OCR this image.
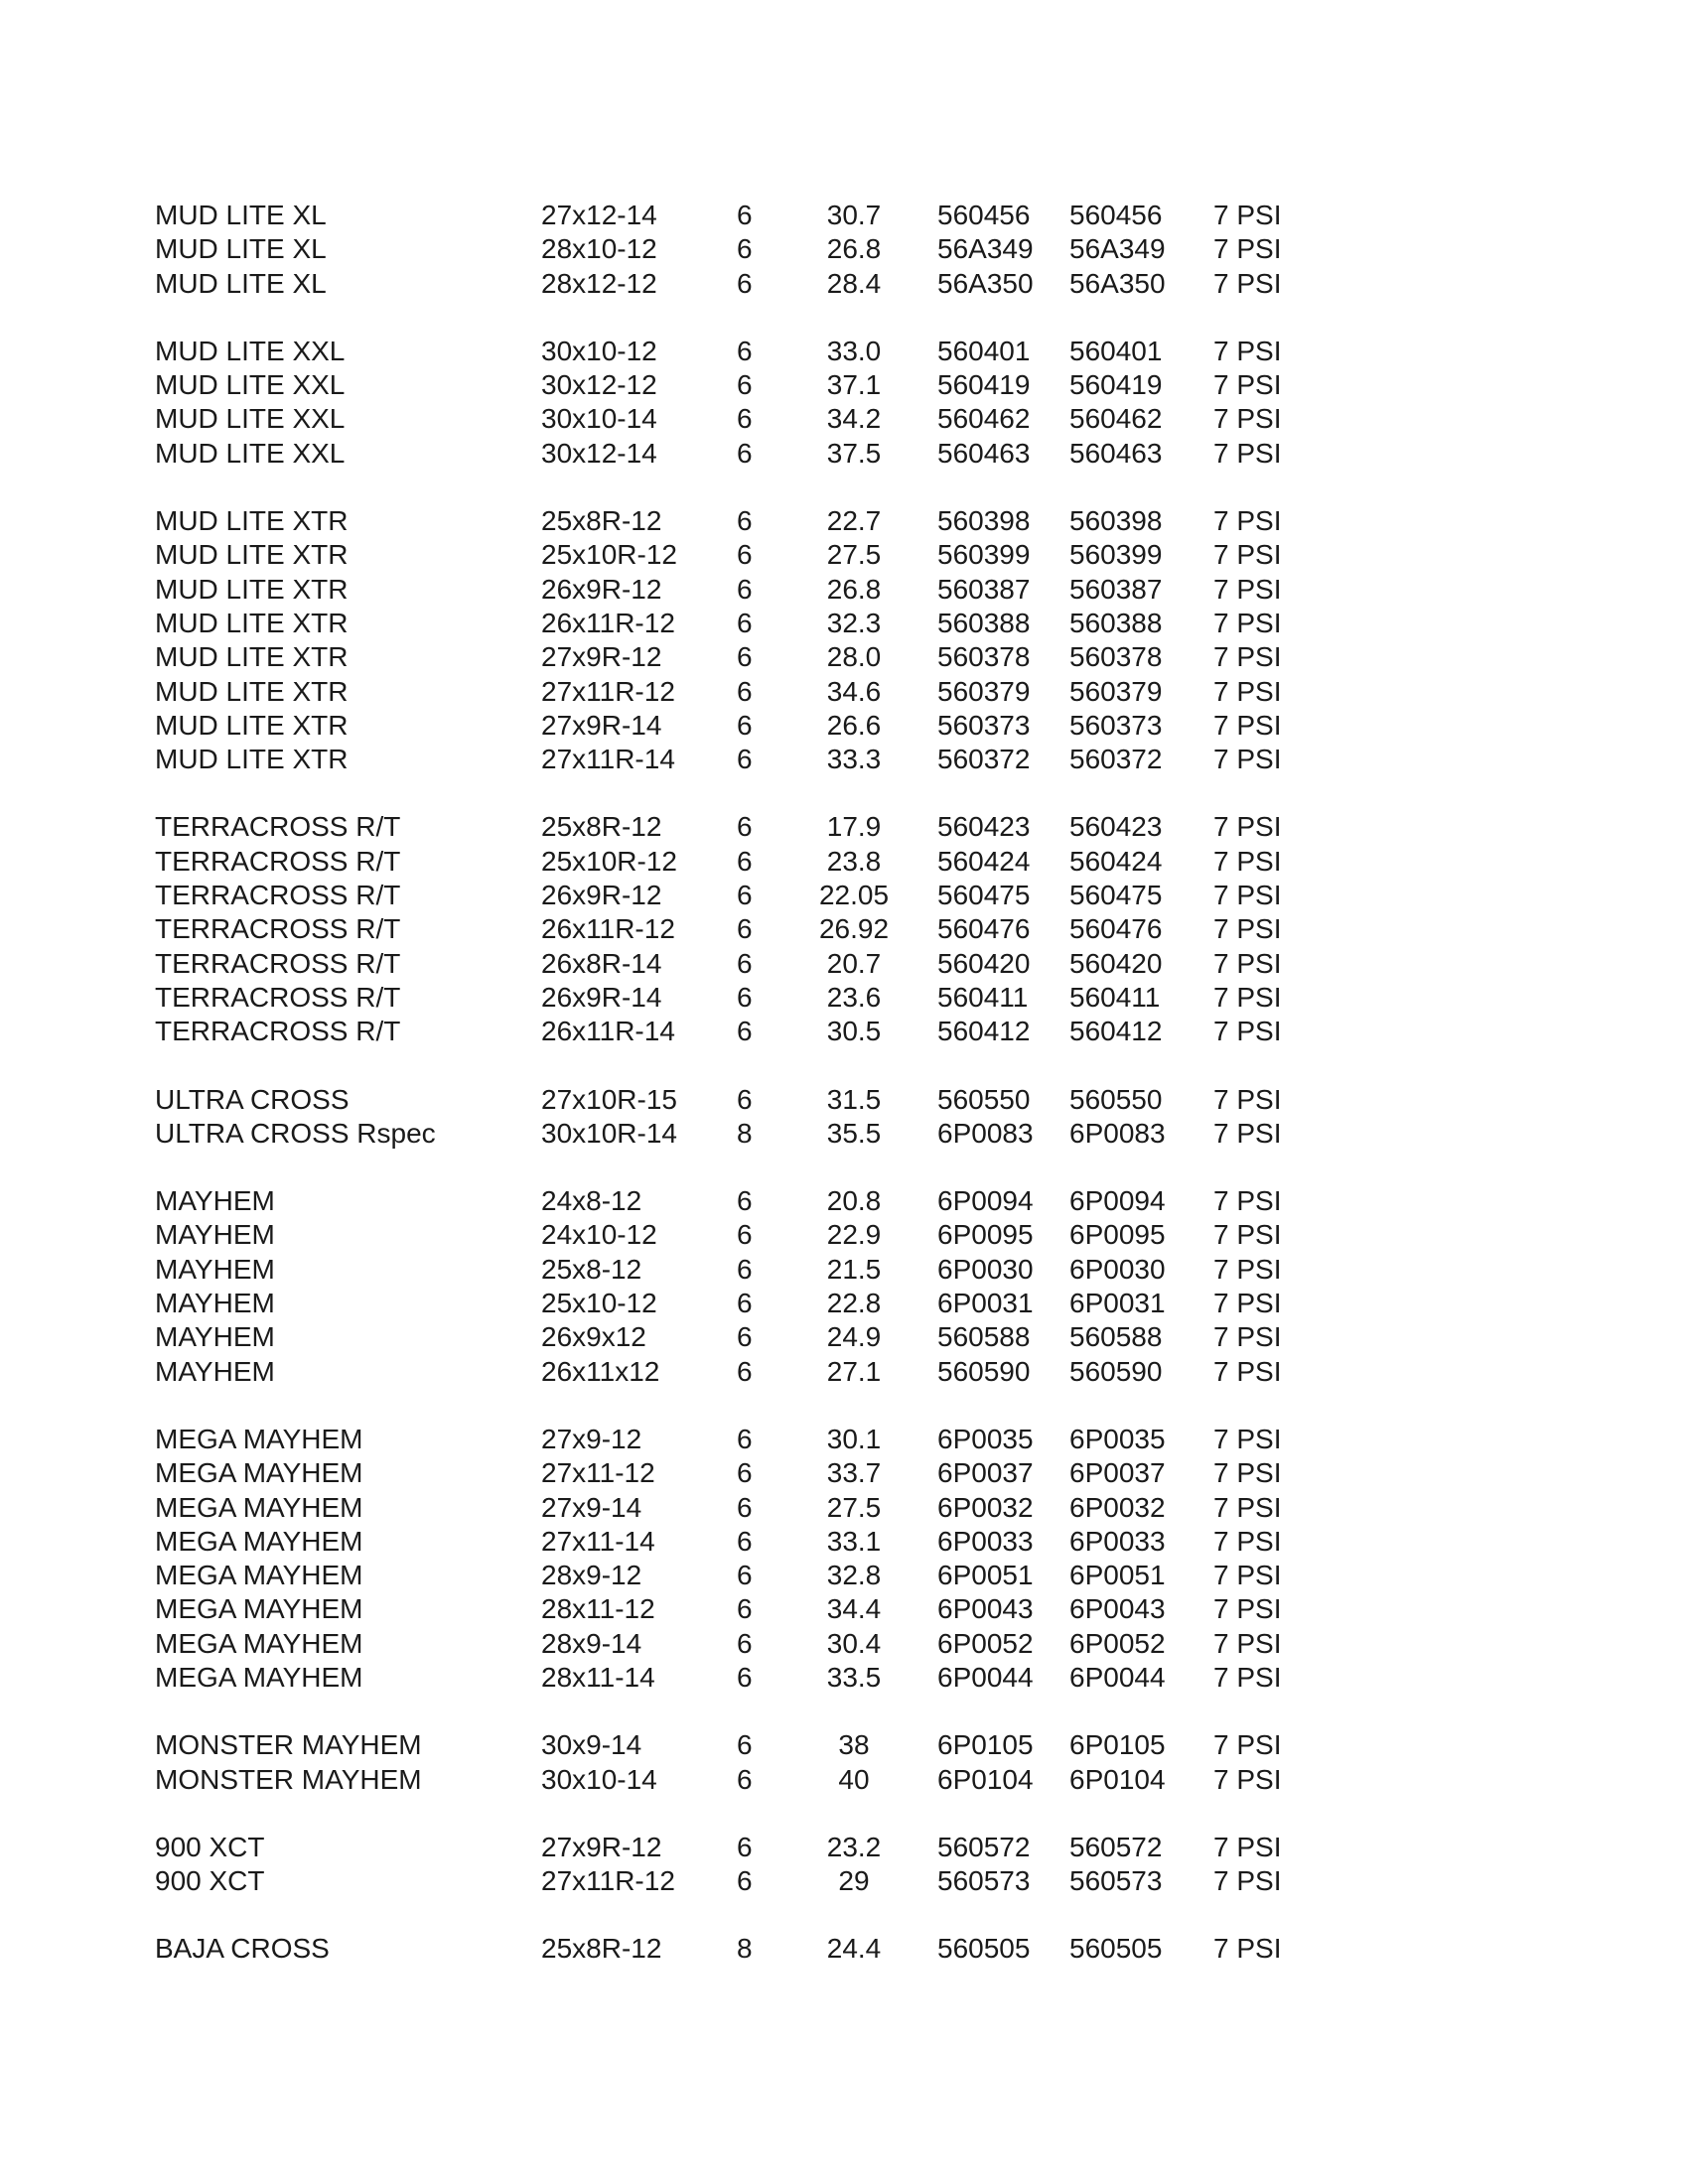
MUD LITE XL	27x12-14	6	30.7	560456 560456 7 PSI
MUD LITE XL	28x10-12	6	26.8	56A349 56A349 7 PSI
MUD LITE XL	28x12-12	6	28.4	56A350 56A350 7 PSI
MUD LITE XXL	30x10-12	6	33.0	560401 560401 7 PSI
MUD LITE XXL	30x12-12	6	37.1	560419 560419 7 PSI
MUD LITE XXL	30x10-14	6	34.2	560462 560462 7 PSI
MUD LITE XXL	30x12-14	6	37.5	560463 560463 7 PSI
MUD LITE XTR	25x8R-12	6	22.7	560398 560398 7 PSI
MUD LITE XTR	25x10R-12 6	27.5	560399 560399 7 PSI
MUD LITE XTR	26x9R-12	6	26.8	560387 560387 7 PSI
MUD LITE XTR	26x11R-12 6	32.3	560388 560388 7 PSI
MUD LITE XTR	27x9R-12	6	28.0	560378 560378 7 PSI
MUD LITE XTR	27x11R-12 6	34.6	560379 560379 7 PSI
MUD LITE XTR	27x9R-14	6	26.6	560373 560373 7 PSI
MUD LITE XTR	27x11R-14 6	33.3	560372 560372 7 PSI
TERRACROSS R/T	25x8R-12	6	17.9	560423 560423 7 PSI
TERRACROSS R/T	25x10R-12 6	23.8	560424 560424 7 PSI
TERRACROSS R/T	26x9R-12	6	22.05	560475 560475 7 PSI
TERRACROSS R/T	26x11R-12 6	26.92	560476 560476 7 PSI
TERRACROSS R/T	26x8R-14	6	20.7	560420 560420 7 PSI
TERRACROSS R/T	26x9R-14	6	23.6	560411 560411 7 PSI
TERRACROSS R/T	26x11R-14 6	30.5	560412 560412 7 PSI
ULTRA CROSS	27x10R-15 6	31.5	560550 560550 7 PSI
ULTRA CROSS Rspec	30x10R-14 8	35.5	6P0083 6P0083 7 PSI
MAYHEM	24x8-12	6	20.8	6P0094 6P0094 7 PSI
MAYHEM	24x10-12	6	22.9	6P0095 6P0095 7 PSI
MAYHEM	25x8-12	6	21.5	6P0030 6P0030 7 PSI
MAYHEM	25x10-12	6	22.8	6P0031 6P0031 7 PSI
MAYHEM	26x9x12	6	24.9	560588 560588 7 PSI
MAYHEM	26x11x12	6	27.1	560590 560590 7 PSI
MEGA MAYHEM	27x9-12	6	30.1	6P0035 6P0035 7 PSI
MEGA MAYHEM	27x11-12	6	33.7	6P0037 6P0037 7 PSI
MEGA MAYHEM	27x9-14	6	27.5	6P0032 6P0032 7 PSI
MEGA MAYHEM	27x11-14	6	33.1	6P0033 6P0033 7 PSI
MEGA MAYHEM	28x9-12	6	32.8	6P0051 6P0051 7 PSI
MEGA MAYHEM	28x11-12	6	34.4	6P0043 6P0043 7 PSI
MEGA MAYHEM	28x9-14	6	30.4	6P0052 6P0052 7 PSI
MEGA MAYHEM	28x11-14	6	33.5	6P0044 6P0044 7 PSI
MONSTER MAYHEM	30x9-14	6	38	6P0105 6P0105 7 PSI
MONSTER MAYHEM	30x10-14	6	40	6P0104 6P0104 7 PSI
900 XCT	27x9R-12	6	23.2	560572 560572 7 PSI
900 XCT	27x11R-12 6	29	560573 560573 7 PSI
BAJA CROSS	25x8R-12	8	24.4	560505 560505 7 PSI
